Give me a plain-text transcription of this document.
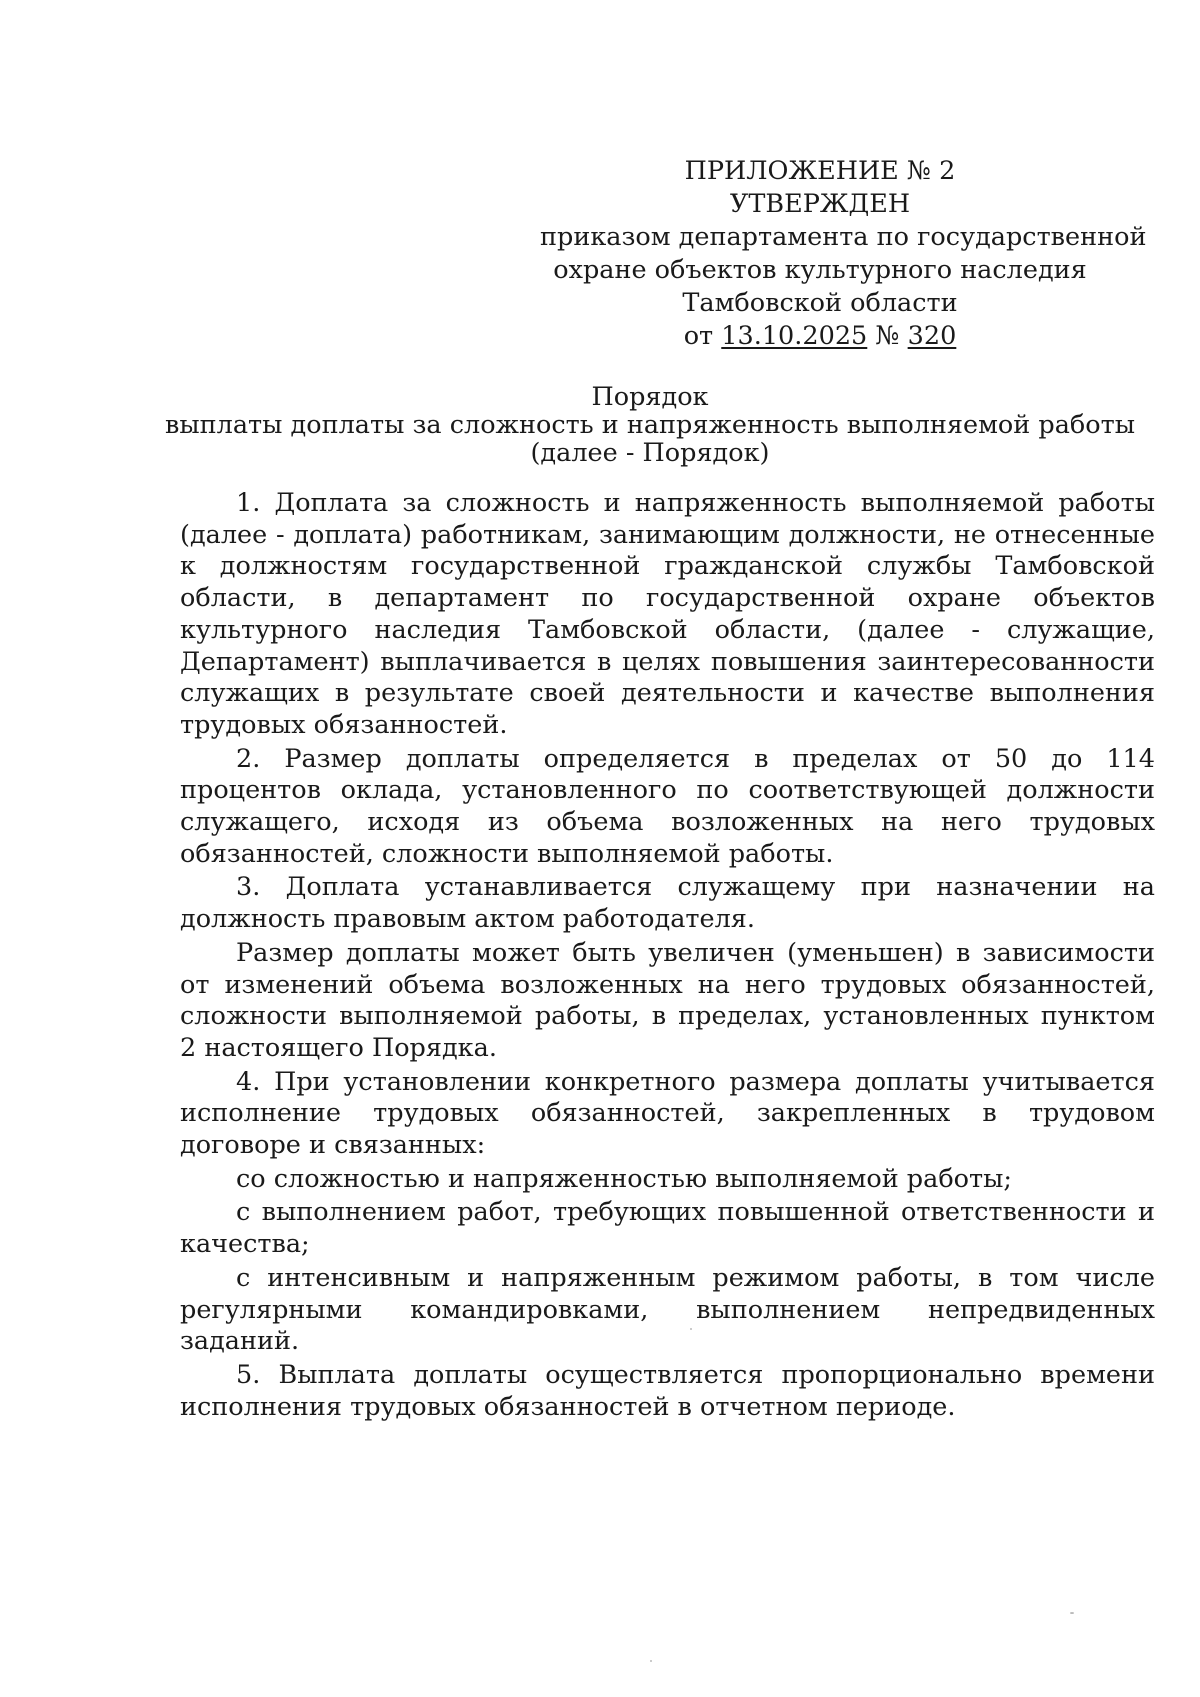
ПРИЛОЖЕНИЕ № 2
УТВЕРЖДЕН
приказом департамента по государственной
охране объектов культурного наследия
Тамбовской области
от 13.10.2025 № 320
Порядок
выплаты доплаты за сложность и напряженность выполняемой работы
(далее - Порядок)

1. Доплата за сложность и напряженность выполняемой работы (далее - доплата) работникам, занимающим должности, не отнесенные к должностям государственной гражданской службы Тамбовской области, в департамент по государственной охране объектов культурного наследия Тамбовской области, (далее - служащие, Департамент) выплачивается в целях повышения заинтересованности служащих в результате своей деятельности и качестве выполнения трудовых обязанностей.

2. Размер доплаты определяется в пределах от 50 до 114 процентов оклада, установленного по соответствующей должности служащего, исходя из объема возложенных на него трудовых обязанностей, сложности выполняемой работы.

3. Доплата устанавливается служащему при назначении на должность правовым актом работодателя.

Размер доплаты может быть увеличен (уменьшен) в зависимости от изменений объема возложенных на него трудовых обязанностей, сложности выполняемой работы, в пределах, установленных пунктом 2 настоящего Порядка.

4. При установлении конкретного размера доплаты учитывается исполнение трудовых обязанностей, закрепленных в трудовом договоре и связанных:

со сложностью и напряженностью выполняемой работы;

с выполнением работ, требующих повышенной ответственности и качества;

с интенсивным и напряженным режимом работы, в том числе регулярными командировками, выполнением непредвиденных заданий.

5. Выплата доплаты осуществляется пропорционально времени исполнения трудовых обязанностей в отчетном периоде.
